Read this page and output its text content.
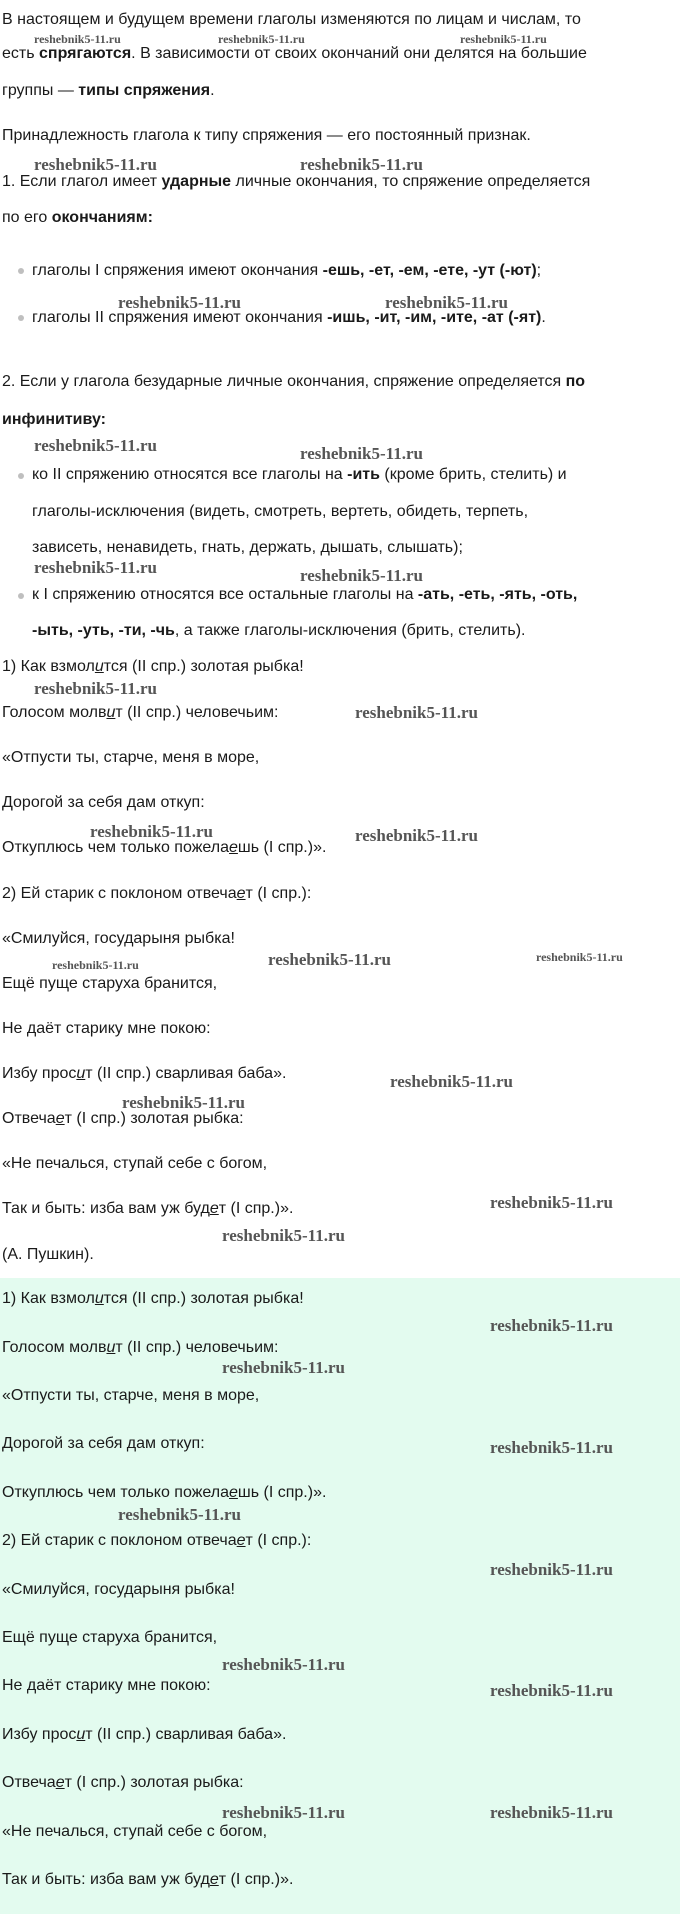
В настоящем и будущем времени глаголы изменяются по лицам и числам, то
есть спрягаются. В зависимости от своих окончаний они делятся на большие
группы — типы спряжения.
Принадлежность глагола к типу спряжения — его постоянный признак.
1. Если глагол имеет ударные личные окончания, то спряжение определяется
по его окончаниям:
глаголы I спряжения имеют окончания -ешь, -ет, -ем, -ете, -ут (-ют);
глаголы II спряжения имеют окончания -ишь, -ит, -им, -ите, -ат (-ят).
2. Если у глагола безударные личные окончания, спряжение определяется по
инфинитиву:
ко II спряжению относятся все глаголы на -ить (кроме брить, стелить) и
глаголы-исключения (видеть, смотреть, вертеть, обидеть, терпеть,
зависеть, ненавидеть, гнать, держать, дышать, слышать);
к I спряжению относятся все остальные глаголы на -ать, -еть, -ять, -оть,
-ыть, -уть, -ти, -чь, а также глаголы-исключения (брить, стелить).
1) Как взмолится (II спр.) золотая рыбка!
Голосом молвит (II спр.) человечьим:
«Отпусти ты, старче, меня в море,
Дорогой за себя дам откуп:
Откуплюсь чем только пожелаешь (I спр.)».
2) Ей старик с поклоном отвечает (I спр.):
«Смилуйся, государыня рыбка!
Ещё пуще старуха бранится,
Не даёт старику мне покою:
Избу просит (II спр.) сварливая баба».
Отвечает (I спр.) золотая рыбка:
«Не печалься, ступай себе с богом,
Так и быть: изба вам уж будет (I спр.)».
(А. Пушкин).
1) Как взмолится (II спр.) золотая рыбка!
Голосом молвит (II спр.) человечьим:
«Отпусти ты, старче, меня в море,
Дорогой за себя дам откуп:
Откуплюсь чем только пожелаешь (I спр.)».
2) Ей старик с поклоном отвечает (I спр.):
«Смилуйся, государыня рыбка!
Ещё пуще старуха бранится,
Не даёт старику мне покою:
Избу просит (II спр.) сварливая баба».
Отвечает (I спр.) золотая рыбка:
«Не печалься, ступай себе с богом,
Так и быть: изба вам уж будет (I спр.)».
reshebnik5-11.ru	reshebnik5-11.ru	reshebnik5-11.ru
reshebnik5-11.ru	reshebnik5-11.ru
reshebnik5-11.ru	reshebnik5-11.ru
reshebnik5-11.ru	reshebnik5-11.ru
reshebnik5-11.ru	reshebnik5-11.ru
reshebnik5-11.ru
reshebnik5-11.ru
reshebnik5-11.ru	reshebnik5-11.ru
reshebnik5-11.ru	reshebnik5-11.ru	reshebnik5-11.ru
reshebnik5-11.ru
reshebnik5-11.ru
reshebnik5-11.ru
reshebnik5-11.ru
reshebnik5-11.ru
reshebnik5-11.ru
reshebnik5-11.ru
reshebnik5-11.ru
reshebnik5-11.ru
reshebnik5-11.ru
reshebnik5-11.ru
reshebnik5-11.ru	reshebnik5-11.ru
